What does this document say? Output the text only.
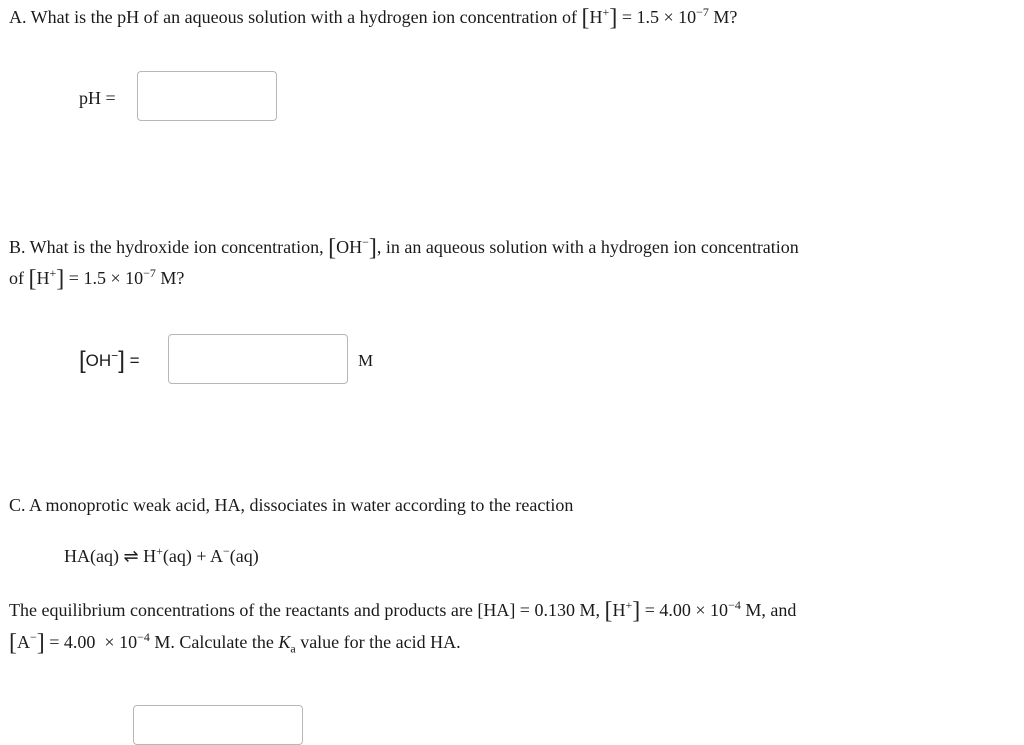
A. What is the pH of an aqueous solution with a hydrogen ion concentration of $[H^+] = 1.5 \times 10^{-7}$ M?
pH =
B. What is the hydroxide ion concentration, [OH−], in an aqueous solution with a hydrogen ion concentration
of $[H^+] = 1.5 \times 10^{-7}$ M?
[OH−] =	M
C. A monoprotic weak acid, HA, dissociates in water according to the reaction
HA(aq) ⇌ H+(aq) + A−(aq)
The equilibrium concentrations of the reactants and products are [HA] = 0.130 M, $[H^+] = 4.00 \times 10^{-4}$ M, and
$[A^-] = 4.00 \times 10^{-4}$ M. Calculate the $K_a$ value for the acid HA.
